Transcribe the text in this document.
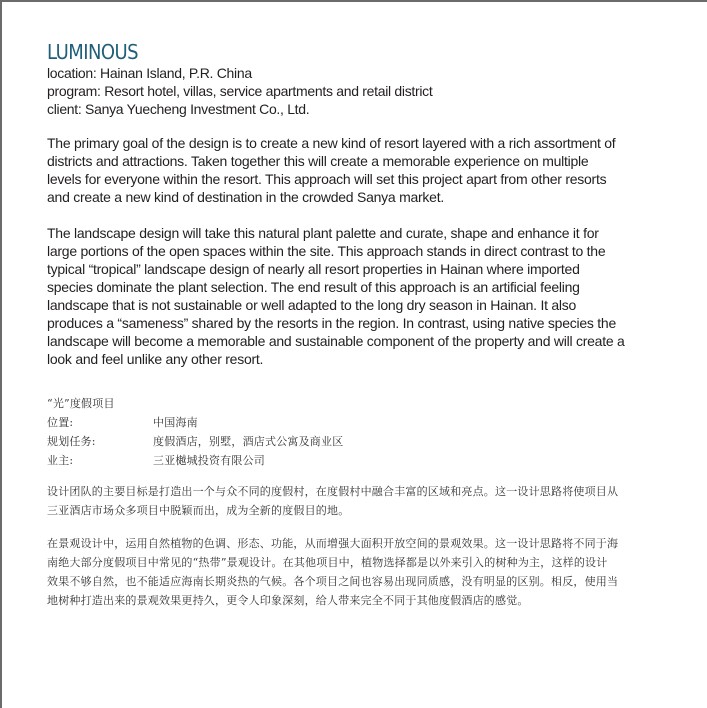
LUMINOUS
location: Hainan Island, P.R. China
program: Resort hotel, villas, service apartments and retail district
client: Sanya Yuecheng Investment Co., Ltd.

The primary goal of the design is to create a new kind of resort layered with a rich assortment of
districts and attractions. Taken together this will create a memorable experience on multiple
levels for everyone within the resort. This approach will set this project apart from other resorts
and create a new kind of destination in the crowded Sanya market.

The landscape design will take this natural plant palette and curate, shape and enhance it for
large portions of the open spaces within the site. This approach stands in direct contrast to the
typical “tropical” landscape design of nearly all resort properties in Hainan where imported
species dominate the plant selection. The end result of this approach is an artificial feeling
landscape that is not sustainable or well adapted to the long dry season in Hainan. It also
produces a “sameness” shared by the resorts in the region. In contrast, using native species the
landscape will become a memorable and sustainable component of the property and will create a
look and feel unlike any other resort.

“光”度假项目
位置:	中国海南
规划任务:	度假酒店，别墅，酒店式公寓及商业区
业主:	三亚樾城投资有限公司
设计团队的主要目标是打造出一个与众不同的度假村，在度假村中融合丰富的区域和亮点。这一设计思路将使项目从
三亚酒店市场众多项目中脱颖而出，成为全新的度假目的地。
在景观设计中，运用自然植物的色调、形态、功能，从而增强大面积开放空间的景观效果。这一设计思路将不同于海
南绝大部分度假项目中常见的“热带”景观设计。在其他项目中，植物选择都是以外来引入的树种为主，这样的设计
效果不够自然，也不能适应海南长期炎热的气候。各个项目之间也容易出现同质感，没有明显的区别。相反，使用当
地树种打造出来的景观效果更持久，更令人印象深刻，给人带来完全不同于其他度假酒店的感觉。
